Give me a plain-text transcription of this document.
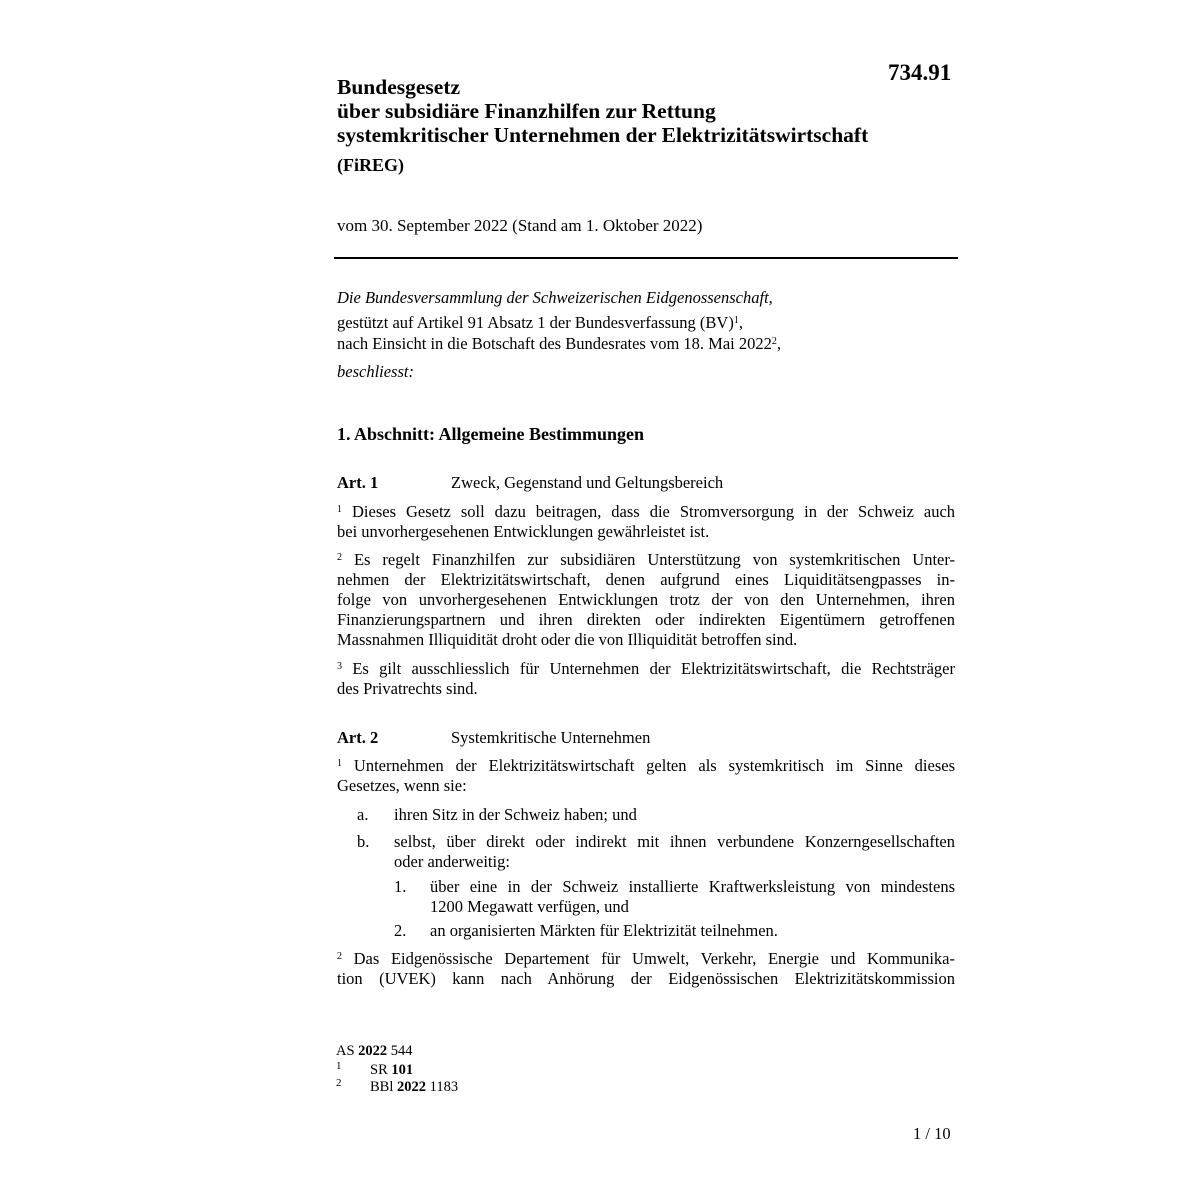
734.91
Bundesgesetz
über subsidiäre Finanzhilfen zur Rettung
systemkritischer Unternehmen der Elektrizitätswirtschaft
(FiREG)
vom 30. September 2022 (Stand am 1. Oktober 2022)
Die Bundesversammlung der Schweizerischen Eidgenossenschaft,
gestützt auf Artikel 91 Absatz 1 der Bundesverfassung (BV)$^1$,
nach Einsicht in die Botschaft des Bundesrates vom 18. Mai 2022$^2$,
beschliesst:
1. Abschnitt: Allgemeine Bestimmungen
Art. 1	Zweck, Gegenstand und Geltungsbereich
$^1$ Dieses Gesetz soll dazu beitragen, dass die Stromversorgung in der Schweiz auch
bei unvorhergesehenen Entwicklungen gewährleistet ist.
$^2$ Es regelt Finanzhilfen zur subsidiären Unterstützung von systemkritischen Unter-
nehmen der Elektrizitätswirtschaft, denen aufgrund eines Liquiditätsengpasses in-
folge von unvorhergesehenen Entwicklungen trotz der von den Unternehmen, ihren
Finanzierungspartnern und ihren direkten oder indirekten Eigentümern getroffenen
Massnahmen Illiquidität droht oder die von Illiquidität betroffen sind.
$^3$ Es gilt ausschliesslich für Unternehmen der Elektrizitätswirtschaft, die Rechtsträger
des Privatrechts sind.
Art. 2	Systemkritische Unternehmen
$^1$ Unternehmen der Elektrizitätswirtschaft gelten als systemkritisch im Sinne dieses
Gesetzes, wenn sie:
a. ihren Sitz in der Schweiz haben; und
b. selbst, über direkt oder indirekt mit ihnen verbundene Konzerngesellschaften
oder anderweitig:
1. über eine in der Schweiz installierte Kraftwerksleistung von mindestens
1200 Megawatt verfügen, und
2. an organisierten Märkten für Elektrizität teilnehmen.
$^2$ Das Eidgenössische Departement für Umwelt, Verkehr, Energie und Kommunika-
tion (UVEK) kann nach Anhörung der Eidgenössischen Elektrizitätskommission
AS 2022 544
$^1$ SR 101
$^2$ BBl 2022 1183
1 / 10
